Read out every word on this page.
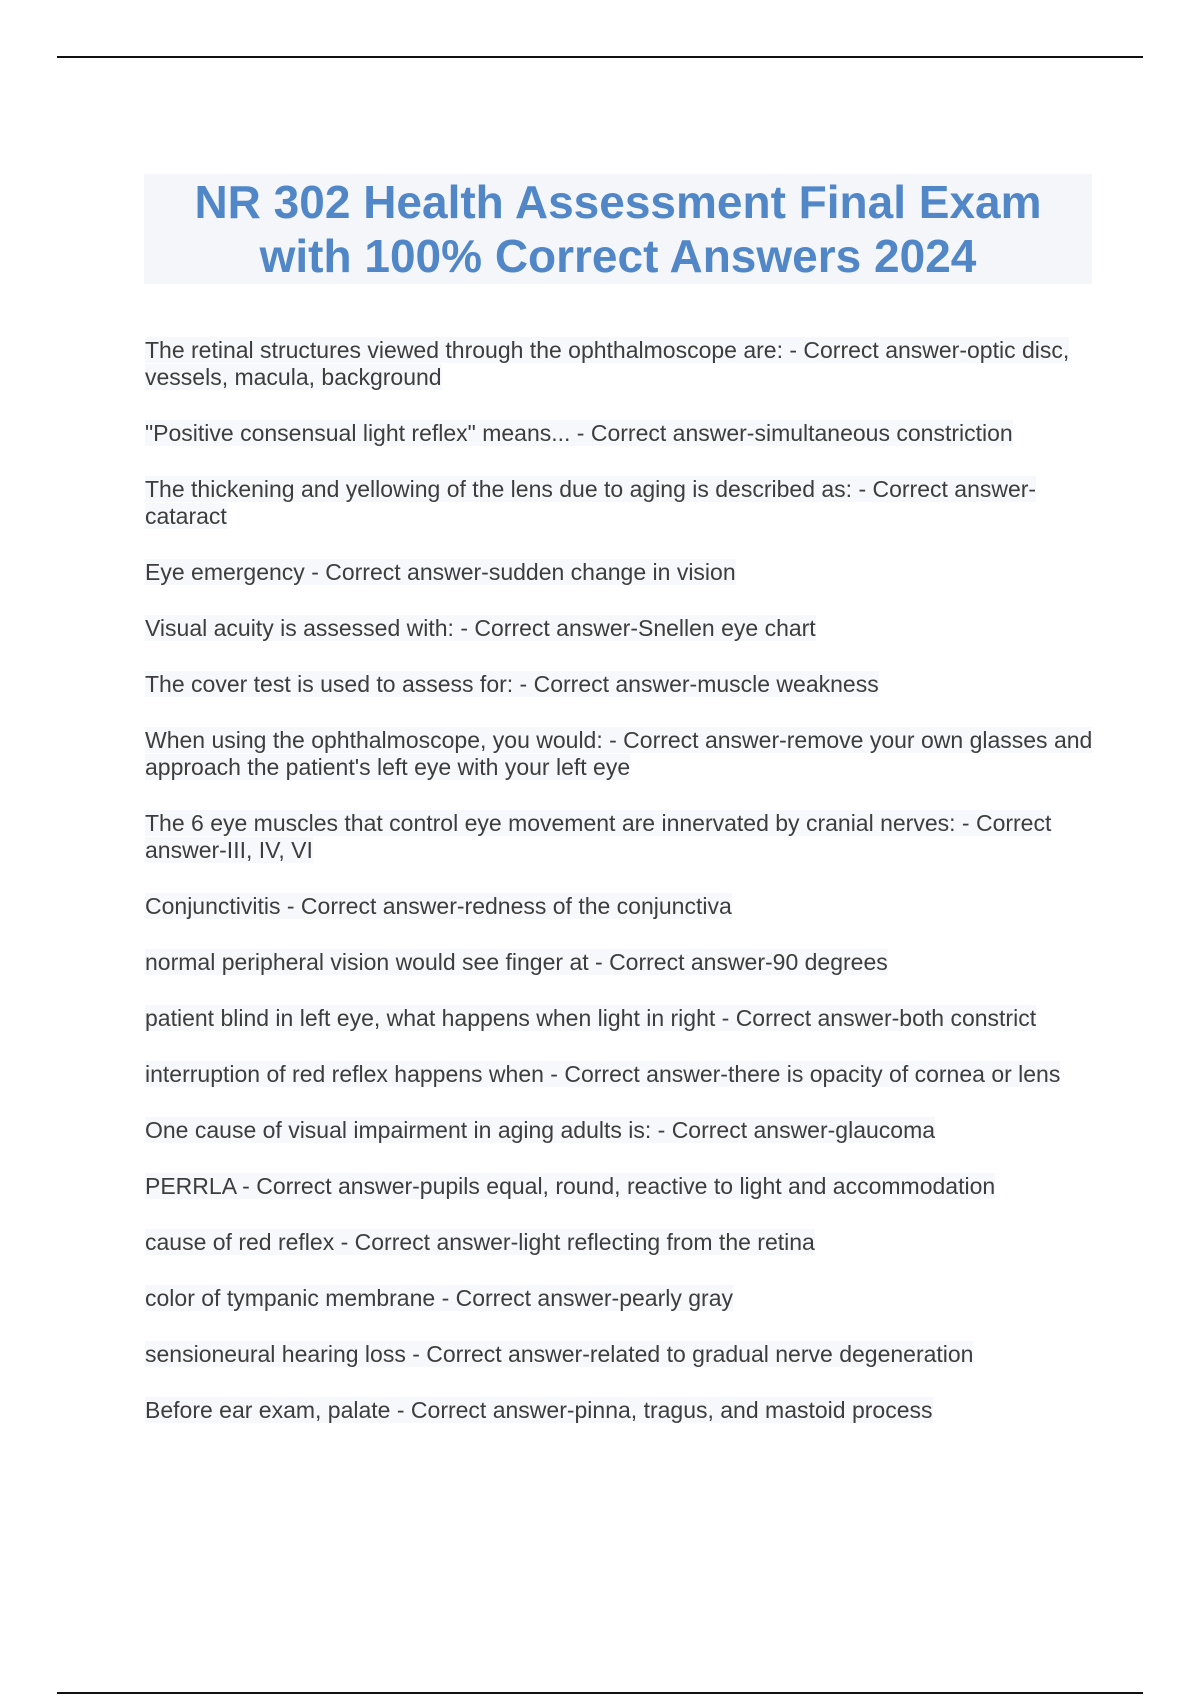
NR 302 Health Assessment Final Exam
with 100% Correct Answers 2024
The retinal structures viewed through the ophthalmoscope are: - Correct answer-optic disc, vessels, macula, background
"Positive consensual light reflex" means... - Correct answer-simultaneous constriction
The thickening and yellowing of the lens due to aging is described as: - Correct answer-cataract
Eye emergency - Correct answer-sudden change in vision
Visual acuity is assessed with: - Correct answer-Snellen eye chart
The cover test is used to assess for: - Correct answer-muscle weakness
When using the ophthalmoscope, you would: - Correct answer-remove your own glasses and approach the patient's left eye with your left eye
The 6 eye muscles that control eye movement are innervated by cranial nerves: - Correct answer-III, IV, VI
Conjunctivitis - Correct answer-redness of the conjunctiva
normal peripheral vision would see finger at - Correct answer-90 degrees
patient blind in left eye, what happens when light in right - Correct answer-both constrict
interruption of red reflex happens when - Correct answer-there is opacity of cornea or lens
One cause of visual impairment in aging adults is: - Correct answer-glaucoma
PERRLA - Correct answer-pupils equal, round, reactive to light and accommodation
cause of red reflex - Correct answer-light reflecting from the retina
color of tympanic membrane - Correct answer-pearly gray
sensioneural hearing loss - Correct answer-related to gradual nerve degeneration
Before ear exam, palate - Correct answer-pinna, tragus, and mastoid process
